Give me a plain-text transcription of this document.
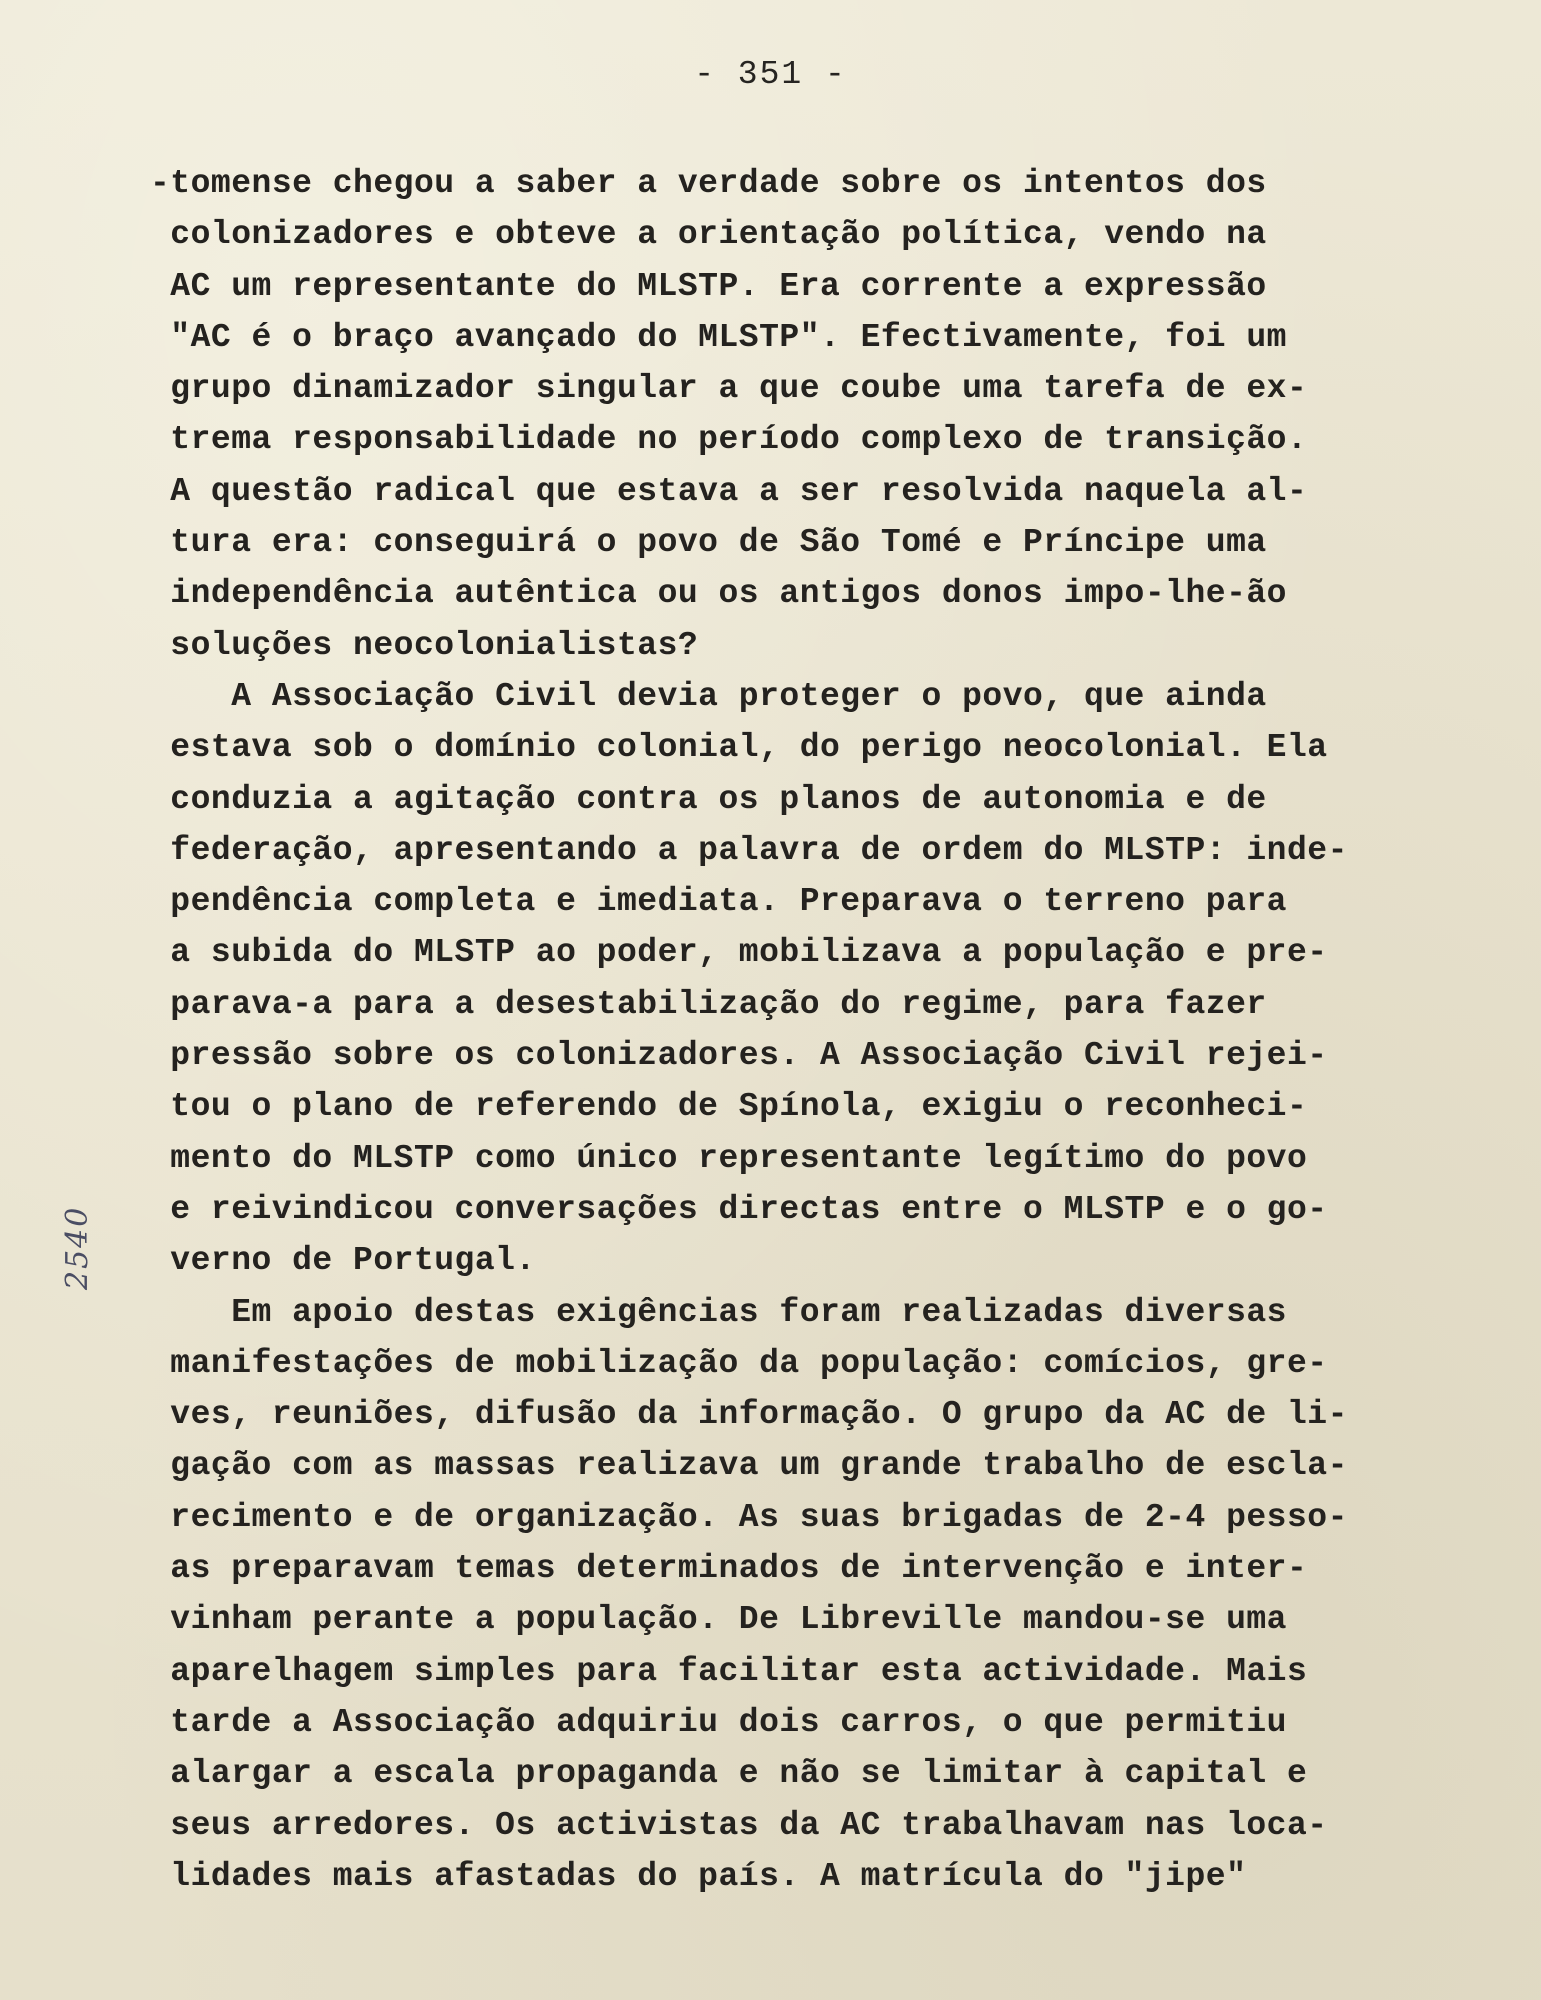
- 351 -
2540
-tomense chegou a saber a verdade sobre os intentos dos
colonizadores e obteve a orientação política, vendo na
AC um representante do MLSTP. Era corrente a expressão
"AC é o braço avançado do MLSTP". Efectivamente, foi um
grupo dinamizador singular a que coube uma tarefa de ex-
trema responsabilidade no período complexo de transição.
A questão radical que estava a ser resolvida naquela al-
tura era: conseguirá o povo de São Tomé e Príncipe uma
independência autêntica ou os antigos donos impo-lhe-ão
soluções neocolonialistas?
A Associação Civil devia proteger o povo, que ainda
estava sob o domínio colonial, do perigo neocolonial. Ela
conduzia a agitação contra os planos de autonomia e de
federação, apresentando a palavra de ordem do MLSTP: inde-
pendência completa e imediata. Preparava o terreno para
a subida do MLSTP ao poder, mobilizava a população e pre-
parava-a para a desestabilização do regime, para fazer
pressão sobre os colonizadores. A Associação Civil rejei-
tou o plano de referendo de Spínola, exigiu o reconheci-
mento do MLSTP como único representante legítimo do povo
e reivindicou conversações directas entre o MLSTP e o go-
verno de Portugal.
Em apoio destas exigências foram realizadas diversas
manifestações de mobilização da população: comícios, gre-
ves, reuniões, difusão da informação. O grupo da AC de li-
gação com as massas realizava um grande trabalho de escla-
recimento e de organização. As suas brigadas de 2-4 pesso-
as preparavam temas determinados de intervenção e inter-
vinham perante a população. De Libreville mandou-se uma
aparelhagem simples para facilitar esta actividade. Mais
tarde a Associação adquiriu dois carros, o que permitiu
alargar a escala propaganda e não se limitar à capital e
seus arredores. Os activistas da AC trabalhavam nas loca-
lidades mais afastadas do país. A matrícula do "jipe"
